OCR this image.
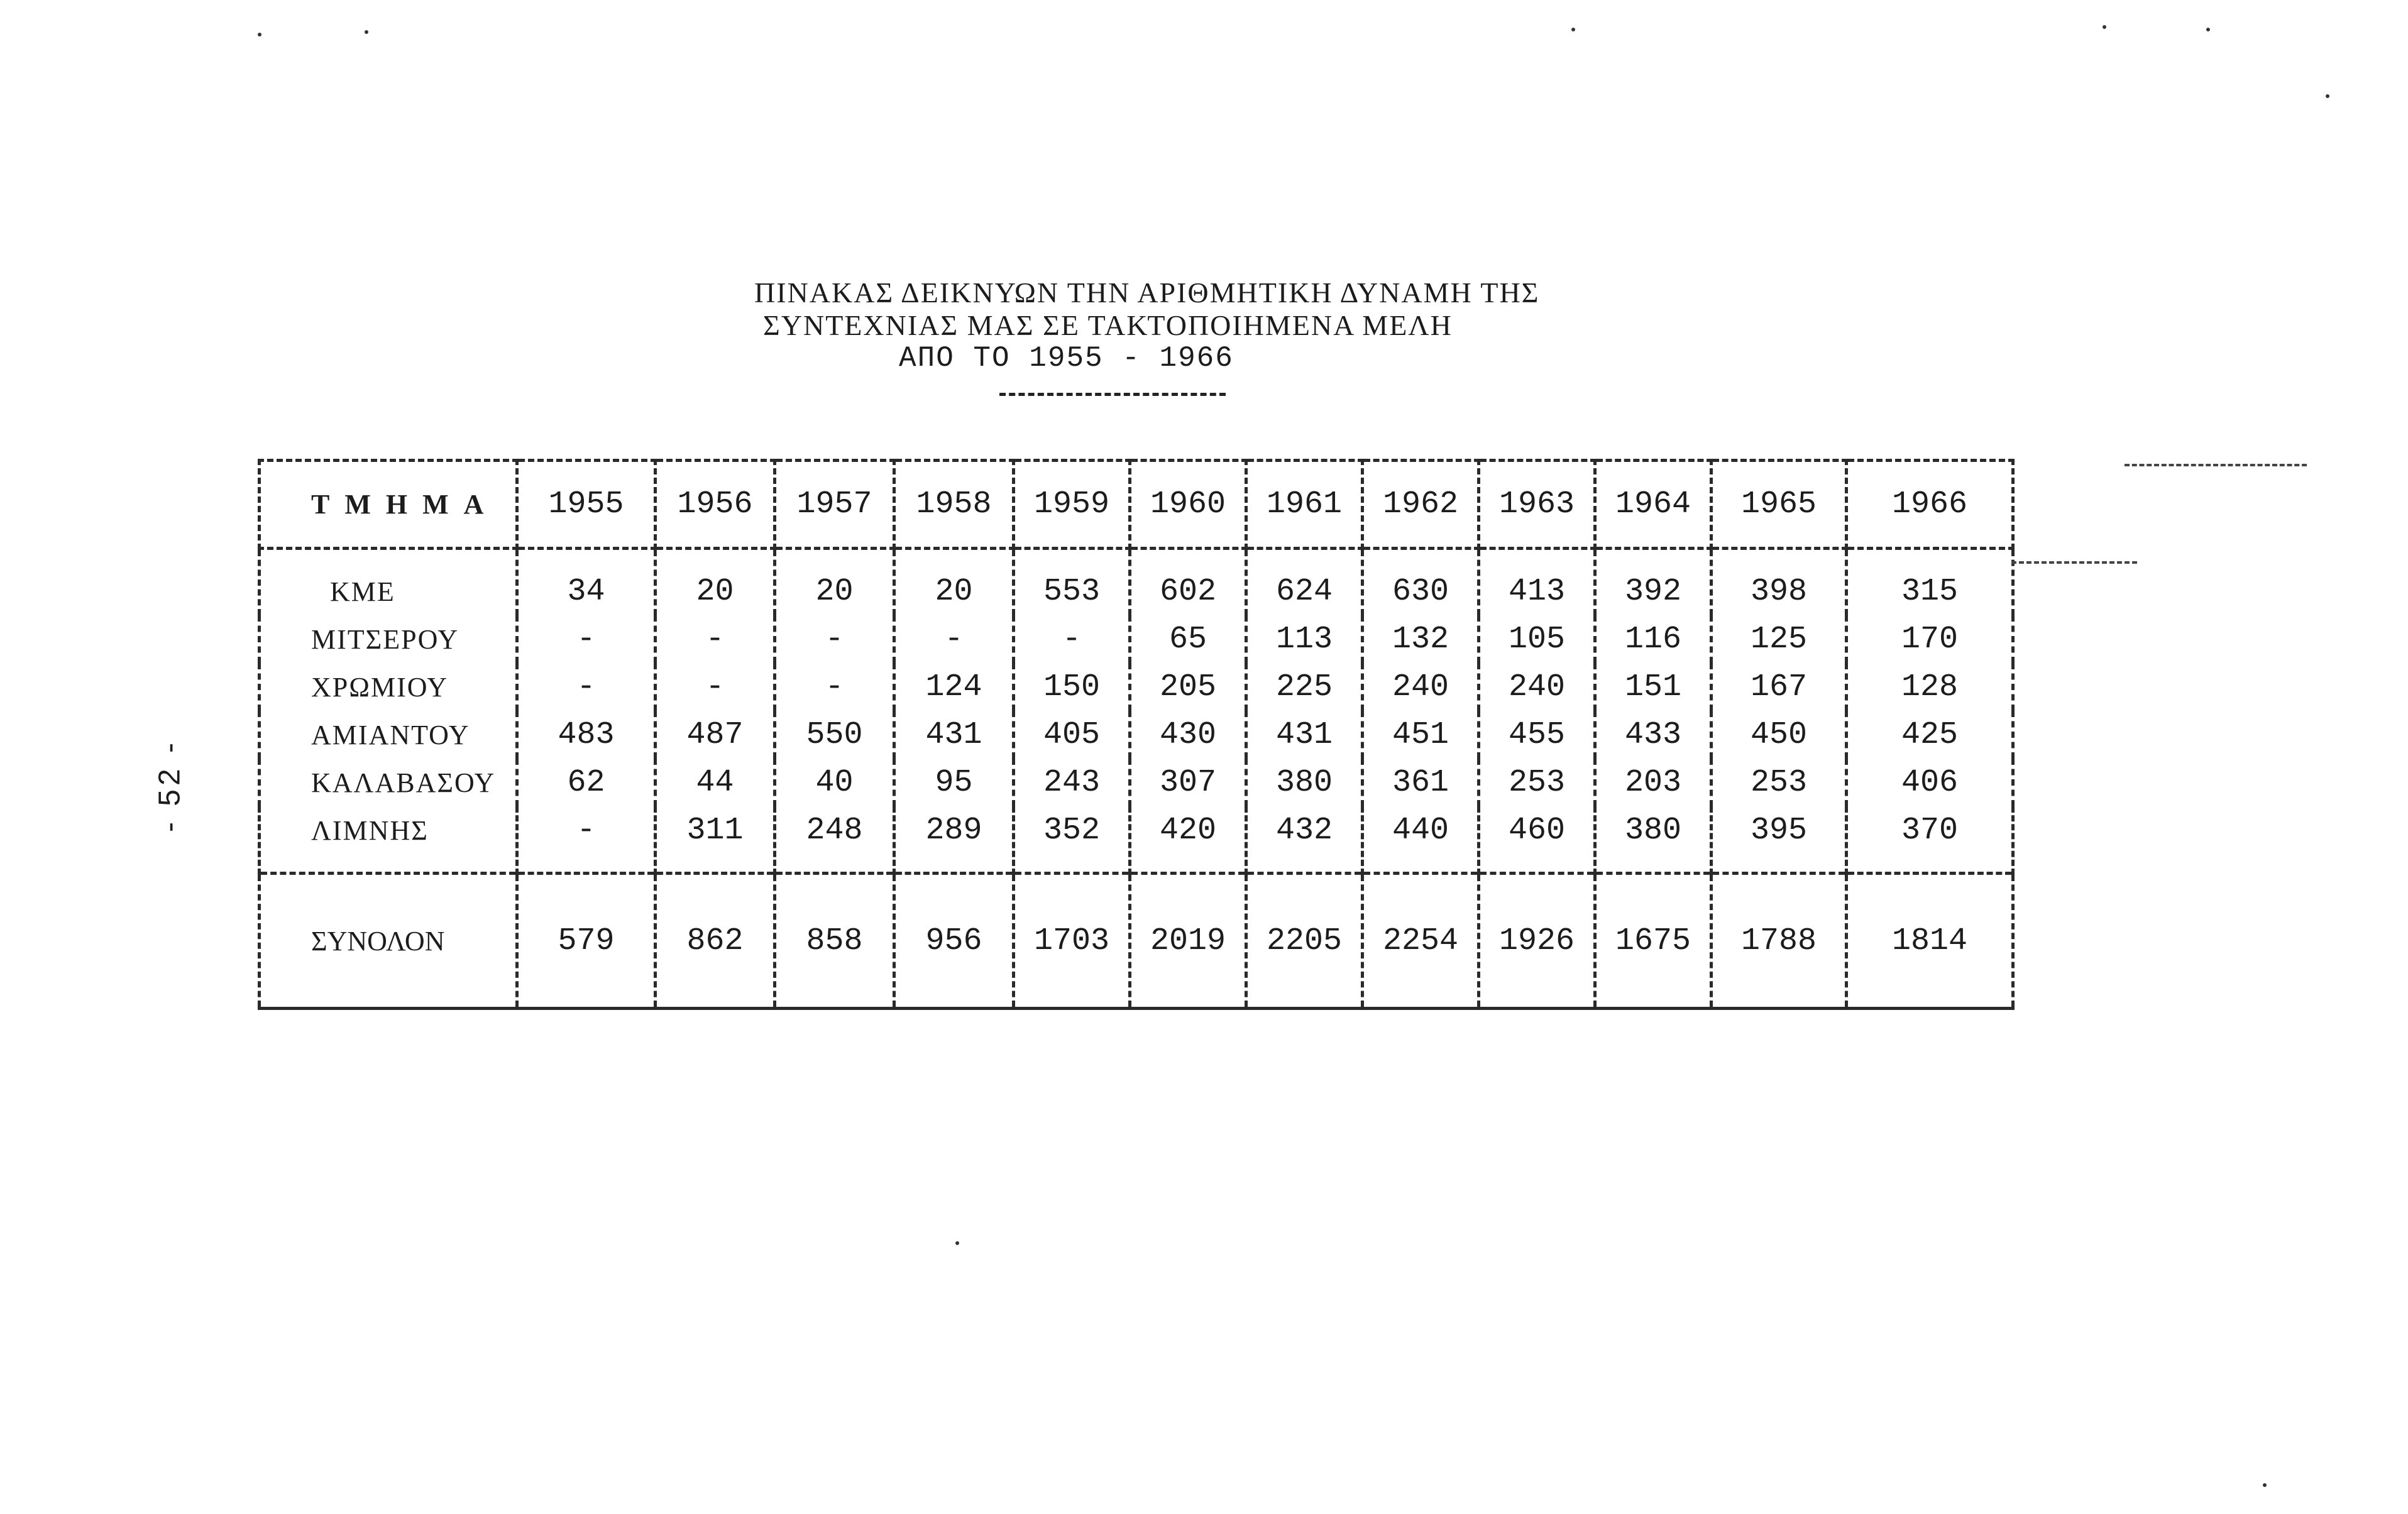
ΠΙΝΑΚΑΣ ΔΕΙΚΝΥΩΝ ΤΗΝ ΑΡΙΘΜΗΤΙΚΗ ΔΥΝΑΜΗ ΤΗΣ
ΣΥΝΤΕΧΝΙΑΣ ΜΑΣ ΣΕ ΤΑΚΤΟΠΟΙΗΜΕΝΑ ΜΕΛΗ
ΑΠΟ ΤΟ 1955 - 1966
- 52 -
ΤΜΗΜΑ	1955	1956	1957	1958	1959	1960	1961	1962	1963	1964	1965	1966
ΚΜΕ	34	20	20	20	553	602	624	630	413	392	398	315
ΜΙΤΣΕΡΟΥ	-	-	-	-	-	65	113	132	105	116	125	170
ΧΡΩΜΙΟΥ	-	-	-	124	150	205	225	240	240	151	167	128
ΑΜΙΑΝΤΟΥ	483	487	550	431	405	430	431	451	455	433	450	425
ΚΑΛΑΒΑΣΟΥ	62	44	40	95	243	307	380	361	253	203	253	406
ΛΙΜΝΗΣ	-	311	248	289	352	420	432	440	460	380	395	370
ΣΥΝΟΛΟΝ	579	862	858	956	1703	2019	2205	2254	1926	1675	1788	1814
